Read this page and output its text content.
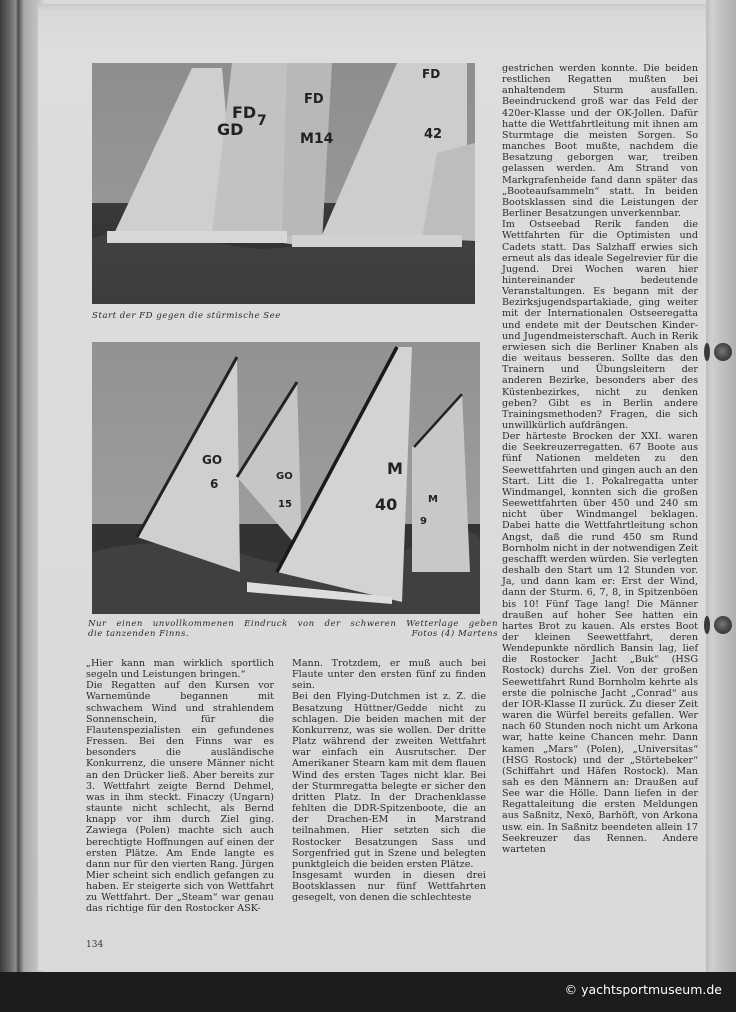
FD
GD 7
FD
M14
FD
42
Start der FD gegen die stürmische See
GO
6
GO
15
M
40	M
9
Nur einen unvollkommenen Eindruck von der schweren Wetterlage geben
die tanzenden Finns.	Fotos (4) Martens

„Hier kann man wirklich sportlich segeln und Leistungen bringen.“

Die Regatten auf den Kursen vor Warnemünde begannen mit schwachem Wind und strahlendem Sonnenschein, für die Flautenspezialisten ein gefundenes Fressen. Bei den Finns war es besonders die ausländische Konkurrenz, die unsere Männer nicht an den Drücker ließ. Aber bereits zur 3. Wettfahrt zeigte Bernd Dehmel, was in ihm steckt. Finaczy (Ungarn) staunte nicht schlecht, als Bernd knapp vor ihm durch Ziel ging. Zawiega (Polen) machte sich auch berechtigte Hoffnungen auf einen der ersten Plätze. Am Ende langte es dann nur für den vierten Rang. Jürgen Mier scheint sich endlich gefangen zu haben. Er steigerte sich von Wettfahrt zu Wettfahrt. Der „Steam“ war genau das richtige für den Rostocker ASK-

Mann. Trotzdem, er muß auch bei Flaute unter den ersten fünf zu finden sein.

Bei den Flying-Dutchmen ist z. Z. die Besatzung Hüttner/Gedde nicht zu schlagen. Die beiden machen mit der Konkurrenz, was sie wollen. Der dritte Platz während der zweiten Wettfahrt war einfach ein Ausrutscher. Der Amerikaner Stearn kam mit dem flauen Wind des ersten Tages nicht klar. Bei der Sturmregatta belegte er sicher den dritten Platz. In der Drachenklasse fehlten die DDR-Spitzenboote, die an der Drachen-EM in Marstrand teilnahmen. Hier setzten sich die Rostocker Besatzungen Sass und Sorgenfried gut in Szene und belegten punktgleich die beiden ersten Plätze.

Insgesamt wurden in diesen drei Bootsklassen nur fünf Wettfahrten gesegelt, von denen die schlechteste

gestrichen werden konnte. Die beiden restlichen Regatten mußten bei anhaltendem Sturm ausfallen. Beeindruckend groß war das Feld der 420er-Klasse und der OK-Jollen. Dafür hatte die Wettfahrtleitung mit ihnen am Sturmtage die meisten Sorgen. So manches Boot mußte, nachdem die Besatzung geborgen war, treiben gelassen werden. Am Strand von Markgrafenheide fand dann später das „Booteaufsammeln“ statt. In beiden Bootsklassen sind die Leistungen der Berliner Besatzungen unverkennbar.

Im Ostseebad Rerik fanden die Wettfahrten für die Optimisten und Cadets statt. Das Salzhaff erwies sich erneut als das ideale Segelrevier für die Jugend. Drei Wochen waren hier hintereinander bedeutende Veranstaltungen. Es begann mit der Bezirksjugendspartakiade, ging weiter mit der Internationalen Ostseeregatta und endete mit der Deutschen Kinder- und Jugendmeisterschaft. Auch in Rerik erwiesen sich die Berliner Knaben als die weitaus besseren. Sollte das den Trainern und Übungsleitern der anderen Bezirke, besonders aber des Küstenbezirkes, nicht zu denken geben? Gibt es in Berlin andere Trainingsmethoden? Fragen, die sich unwillkürlich aufdrängen.

Der härteste Brocken der XXI. waren die Seekreuzerregatten. 67 Boote aus fünf Nationen meldeten zu den Seewettfahrten und gingen auch an den Start. Litt die 1. Pokalregatta unter Windmangel, konnten sich die großen Seewettfahrten über 450 und 240 sm nicht über Windmangel beklagen. Dabei hatte die Wettfahrtleitung schon Angst, daß die rund 450 sm Rund Bornholm nicht in der notwendigen Zeit geschafft werden würden. Sie verlegten deshalb den Start um 12 Stunden vor. Ja, und dann kam er: Erst der Wind, dann der Sturm. 6, 7, 8, in Spitzenböen bis 10! Fünf Tage lang! Die Männer draußen auf hoher See hatten ein hartes Brot zu kauen. Als erstes Boot der kleinen Seewettfahrt, deren Wendepunkte nördlich Bansin lag, lief die Rostocker Jacht „Buk“ (HSG Rostock) durchs Ziel. Von der großen Seewettfahrt Rund Bornholm kehrte als erste die polnische Jacht „Conrad“ aus der IOR-Klasse II zurück. Zu dieser Zeit waren die Würfel bereits gefallen. Wer nach 60 Stunden noch nicht um Arkona war, hatte keine Chancen mehr. Dann kamen „Mars“ (Polen), „Universitas“ (HSG Rostock) und der „Störtebeker“ (Schiffahrt und Häfen Rostock). Man sah es den Männern an: Draußen auf See war die Hölle. Dann liefen in der Regattaleitung die ersten Meldungen aus Saßnitz, Nexö, Barhöft, von Arkona usw. ein. In Saßnitz beendeten allein 17 Seekreuzer das Rennen. Andere warteten

134
© yachtsportmuseum.de
